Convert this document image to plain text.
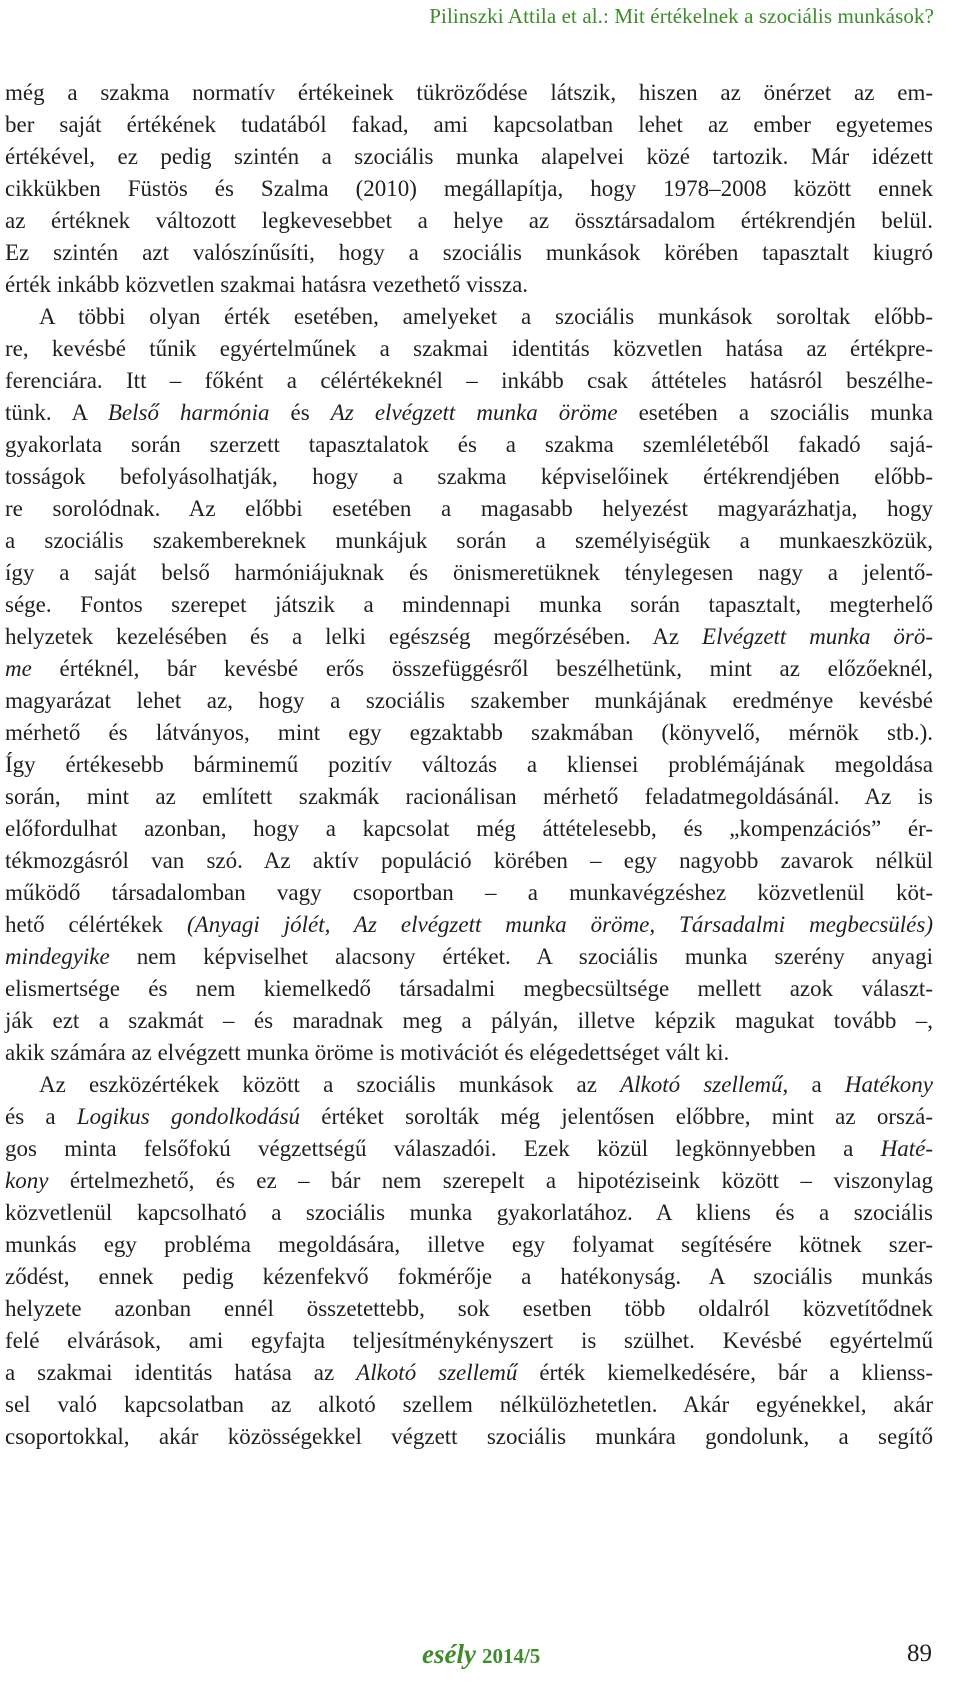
Pilinszki Attila et al.: Mit értékelnek a szociális munkások?
még a szakma normatív értékeinek tükröződése látszik, hiszen az önérzet az em-
ber saját értékének tudatából fakad, ami kapcsolatban lehet az ember egyetemes
értékével, ez pedig szintén a szociális munka alapelvei közé tartozik. Már idézett
cikkükben Füstös és Szalma (2010) megállapítja, hogy 1978–2008 között ennek
az értéknek változott legkevesebbet a helye az össztársadalom értékrendjén belül.
Ez szintén azt valószínűsíti, hogy a szociális munkások körében tapasztalt kiugró
érték inkább közvetlen szakmai hatásra vezethető vissza.
A többi olyan érték esetében, amelyeket a szociális munkások soroltak előbb-
re, kevésbé tűnik egyértelműnek a szakmai identitás közvetlen hatása az értékpre-
ferenciára. Itt – főként a célértékeknél – inkább csak áttételes hatásról beszélhe-
tünk. A Belső harmónia és Az elvégzett munka öröme esetében a szociális munka
gyakorlata során szerzett tapasztalatok és a szakma szemléletéből fakadó sajá-
tosságok befolyásolhatják, hogy a szakma képviselőinek értékrendjében előbb-
re sorolódnak. Az előbbi esetében a magasabb helyezést magyarázhatja, hogy
a szociális szakembereknek munkájuk során a személyiségük a munkaeszközük,
így a saját belső harmóniájuknak és önismeretüknek ténylegesen nagy a jelentő-
sége. Fontos szerepet játszik a mindennapi munka során tapasztalt, megterhelő
helyzetek kezelésében és a lelki egészség megőrzésében. Az Elvégzett munka örö-
me értéknél, bár kevésbé erős összefüggésről beszélhetünk, mint az előzőeknél,
magyarázat lehet az, hogy a szociális szakember munkájának eredménye kevésbé
mérhető és látványos, mint egy egzaktabb szakmában (könyvelő, mérnök stb.).
Így értékesebb bárminemű pozitív változás a kliensei problémájának megoldása
során, mint az említett szakmák racionálisan mérhető feladatmegoldásánál. Az is
előfordulhat azonban, hogy a kapcsolat még áttételesebb, és „kompenzációs” ér-
tékmozgásról van szó. Az aktív populáció körében – egy nagyobb zavarok nélkül
működő társadalomban vagy csoportban – a munkavégzéshez közvetlenül köt-
hető célértékek (Anyagi jólét, Az elvégzett munka öröme, Társadalmi megbecsülés)
mindegyike nem képviselhet alacsony értéket. A szociális munka szerény anyagi
elismertsége és nem kiemelkedő társadalmi megbecsültsége mellett azok választ-
ják ezt a szakmát – és maradnak meg a pályán, illetve képzik magukat tovább –,
akik számára az elvégzett munka öröme is motivációt és elégedettséget vált ki.
Az eszközértékek között a szociális munkások az Alkotó szellemű, a Hatékony
és a Logikus gondolkodású értéket sorolták még jelentősen előbbre, mint az orszá-
gos minta felsőfokú végzettségű válaszadói. Ezek közül legkönnyebben a Haté-
kony értelmezhető, és ez – bár nem szerepelt a hipotéziseink között – viszonylag
közvetlenül kapcsolható a szociális munka gyakorlatához. A kliens és a szociális
munkás egy probléma megoldására, illetve egy folyamat segítésére kötnek szer-
ződést, ennek pedig kézenfekvő fokmérője a hatékonyság. A szociális munkás
helyzete azonban ennél összetettebb, sok esetben több oldalról közvetítődnek
felé elvárások, ami egyfajta teljesítménykényszert is szülhet. Kevésbé egyértelmű
a szakmai identitás hatása az Alkotó szellemű érték kiemelkedésére, bár a klienss-
sel való kapcsolatban az alkotó szellem nélkülözhetetlen. Akár egyénekkel, akár
csoportokkal, akár közösségekkel végzett szociális munkára gondolunk, a segítő
esély 2014/5	89
